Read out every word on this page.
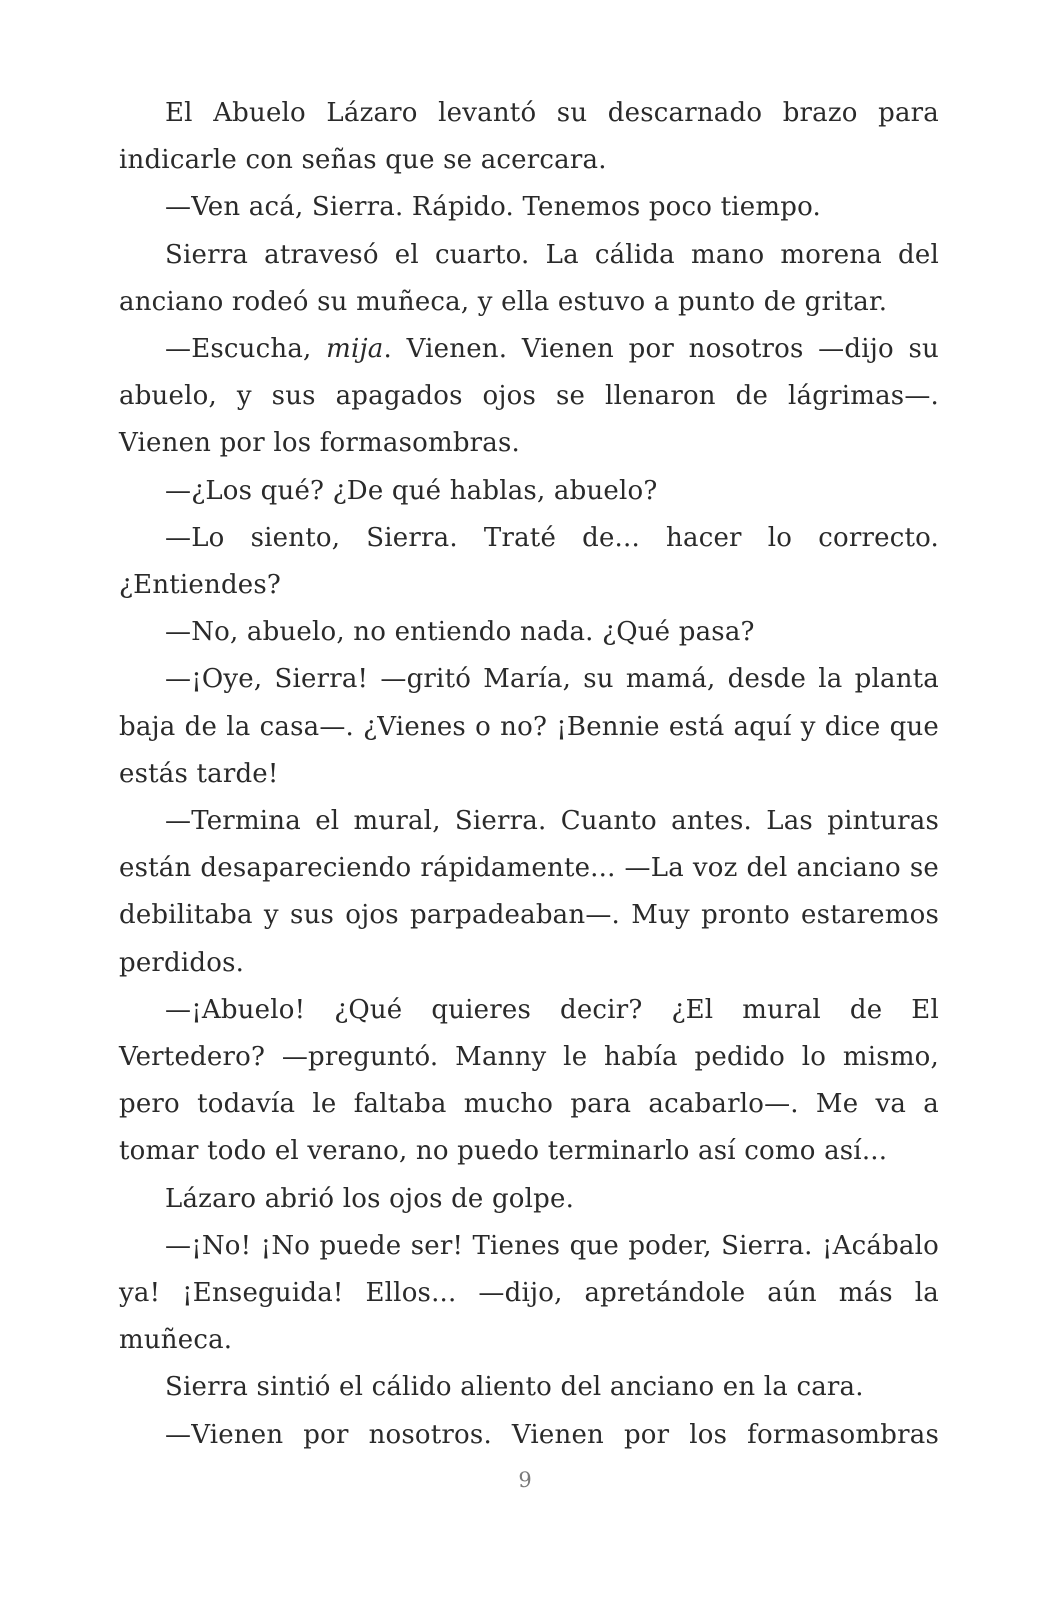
El Abuelo Lázaro levantó su descarnado brazo para indicarle con señas que se acercara.

—Ven acá, Sierra. Rápido. Tenemos poco tiempo.

Sierra atravesó el cuarto. La cálida mano morena del anciano rodeó su muñeca, y ella estuvo a punto de gritar.

—Escucha, mija. Vienen. Vienen por nosotros —dijo su abuelo, y sus apagados ojos se llenaron de lágrimas—. Vienen por los formasombras.

—¿Los qué? ¿De qué hablas, abuelo?

—Lo siento, Sierra. Traté de... hacer lo correcto. ¿Entiendes?

—No, abuelo, no entiendo nada. ¿Qué pasa?

—¡Oye, Sierra! —gritó María, su mamá, desde la planta baja de la casa—. ¿Vienes o no? ¡Bennie está aquí y dice que estás tarde!

—Termina el mural, Sierra. Cuanto antes. Las pinturas están desapareciendo rápidamente... —La voz del anciano se debilitaba y sus ojos parpadeaban—. Muy pronto estaremos perdidos.

—¡Abuelo! ¿Qué quieres decir? ¿El mural de El Vertedero? —preguntó. Manny le había pedido lo mismo, pero todavía le faltaba mucho para acabarlo—. Me va a tomar todo el verano, no puedo terminarlo así como así...

Lázaro abrió los ojos de golpe.

—¡No! ¡No puede ser! Tienes que poder, Sierra. ¡Acábalo ya! ¡Enseguida! Ellos... —dijo, apretándole aún más la muñeca.

Sierra sintió el cálido aliento del anciano en la cara.

—Vienen por nosotros. Vienen por los formasombras

9
